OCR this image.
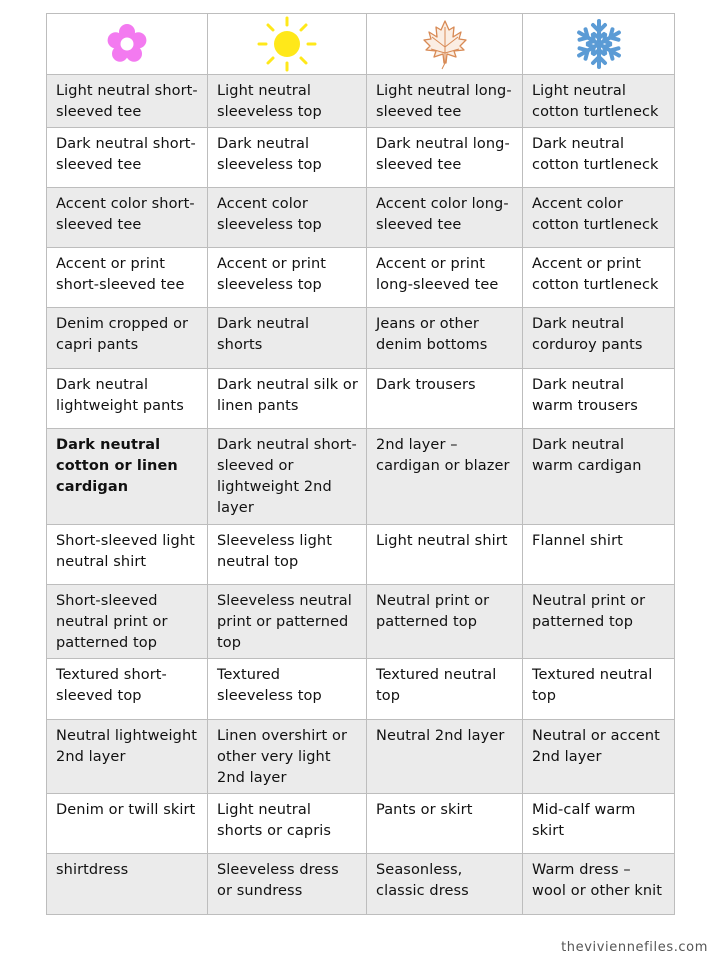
Light neutral short-sleeved tee	Light neutral sleeveless top	Light neutral long-sleeved tee	Light neutral cotton turtleneck
Dark neutral short-sleeved tee	Dark neutral sleeveless top	Dark neutral long-sleeved tee	Dark neutral cotton turtleneck
Accent color short-sleeved tee	Accent color sleeveless top	Accent color long-sleeved tee	Accent color cotton turtleneck
Accent or print short-sleeved tee	Accent or print sleeveless top	Accent or print long-sleeved tee	Accent or print cotton turtleneck
Denim cropped or capri pants	Dark neutral shorts	Jeans or other denim bottoms	Dark neutral corduroy pants
Dark neutral lightweight pants	Dark neutral silk or linen pants	Dark trousers	Dark neutral warm trousers
Dark neutral cotton or linen cardigan	Dark neutral short-sleeved or lightweight 2nd layer	2nd layer – cardigan or blazer	Dark neutral warm cardigan
Short-sleeved light neutral shirt	Sleeveless light neutral top	Light neutral shirt	Flannel shirt
Short-sleeved neutral print or patterned top	Sleeveless neutral print or patterned top	Neutral print or patterned top	Neutral print or patterned top
Textured short-sleeved top	Textured sleeveless top	Textured neutral top	Textured neutral top
Neutral lightweight 2nd layer	Linen overshirt or other very light 2nd layer	Neutral 2nd layer	Neutral or accent 2nd layer
Denim or twill skirt	Light neutral shorts or capris	Pants or skirt	Mid-calf warm skirt
shirtdress	Sleeveless dress or sundress	Seasonless, classic dress	Warm dress – wool or other knit
theviviennefiles.com
